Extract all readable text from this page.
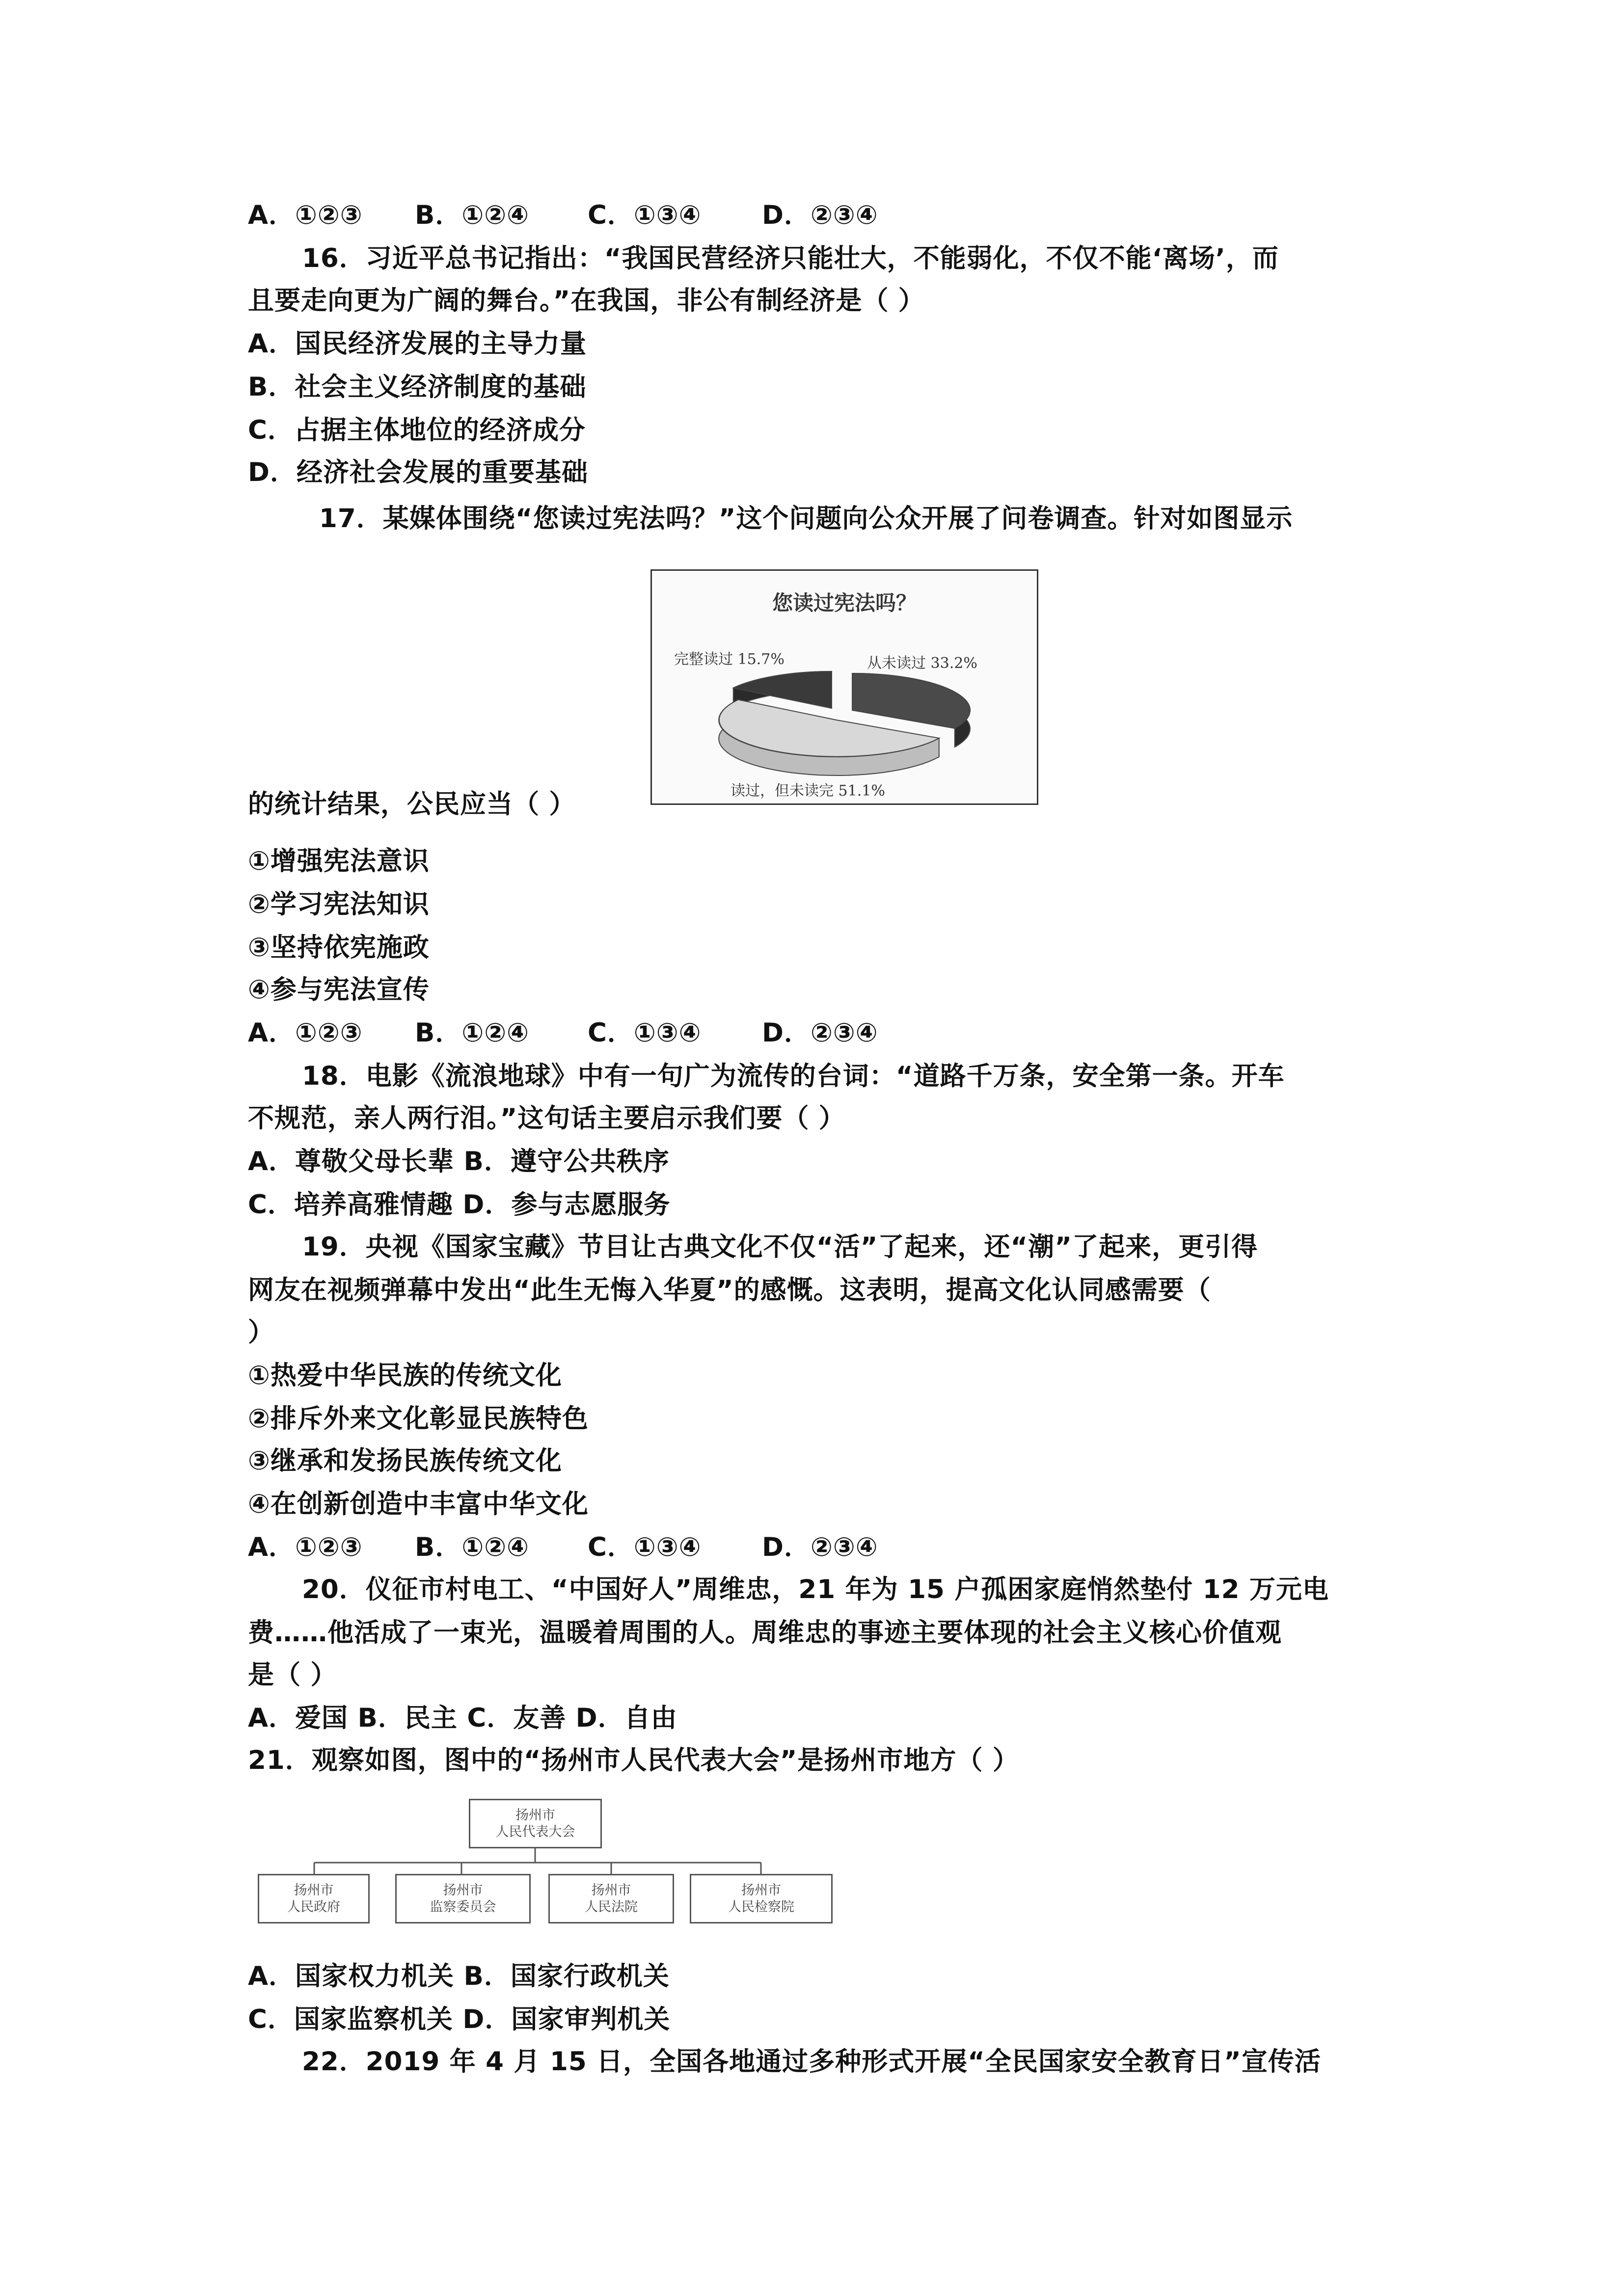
A．①②③ B．①②④ C．①③④ D．②③④
16．习近平总书记指出：“我国民营经济只能壮大，不能弱化，不仅不能‘离场’，而
且要走向更为广阔的舞台。”在我国，非公有制经济是（ ）
A．国民经济发展的主导力量
B．社会主义经济制度的基础
C．占据主体地位的经济成分
D．经济社会发展的重要基础
17．某媒体围绕“您读过宪法吗？”这个问题向公众开展了问卷调查。针对如图显示
您读过宪法吗？
完整读过 15.7%	从未读过 33.2%
读过，但未读完 51.1%
的统计结果，公民应当（ ）
①增强宪法意识
②学习宪法知识
③坚持依宪施政
④参与宪法宣传
A．①②③ B．①②④ C．①③④ D．②③④
18．电影《流浪地球》中有一句广为流传的台词：“道路千万条，安全第一条。开车
不规范，亲人两行泪。”这句话主要启示我们要（ ）
A．尊敬父母长辈 B．遵守公共秩序
C．培养高雅情趣 D．参与志愿服务
19．央视《国家宝藏》节目让古典文化不仅“活”了起来，还“潮”了起来，更引得
网友在视频弹幕中发出“此生无悔入华夏”的感慨。这表明，提高文化认同感需要（
）
①热爱中华民族的传统文化
②排斥外来文化彰显民族特色
③继承和发扬民族传统文化
④在创新创造中丰富中华文化
A．①②③ B．①②④ C．①③④ D．②③④
20．仪征市村电工、“中国好人”周维忠，21 年为 15 户孤困家庭悄然垫付 12 万元电
费……他活成了一束光，温暖着周围的人。周维忠的事迹主要体现的社会主义核心价值观
是（ ）
A．爱国 B．民主 C．友善 D．自由
21．观察如图，图中的“扬州市人民代表大会”是扬州市地方（ ）
扬州市
人民代表大会
扬州市
人民政府
扬州市
监察委员会
扬州市
人民法院
扬州市
人民检察院
A．国家权力机关 B．国家行政机关
C．国家监察机关 D．国家审判机关
22．2019 年 4 月 15 日，全国各地通过多种形式开展“全民国家安全教育日”宣传活
